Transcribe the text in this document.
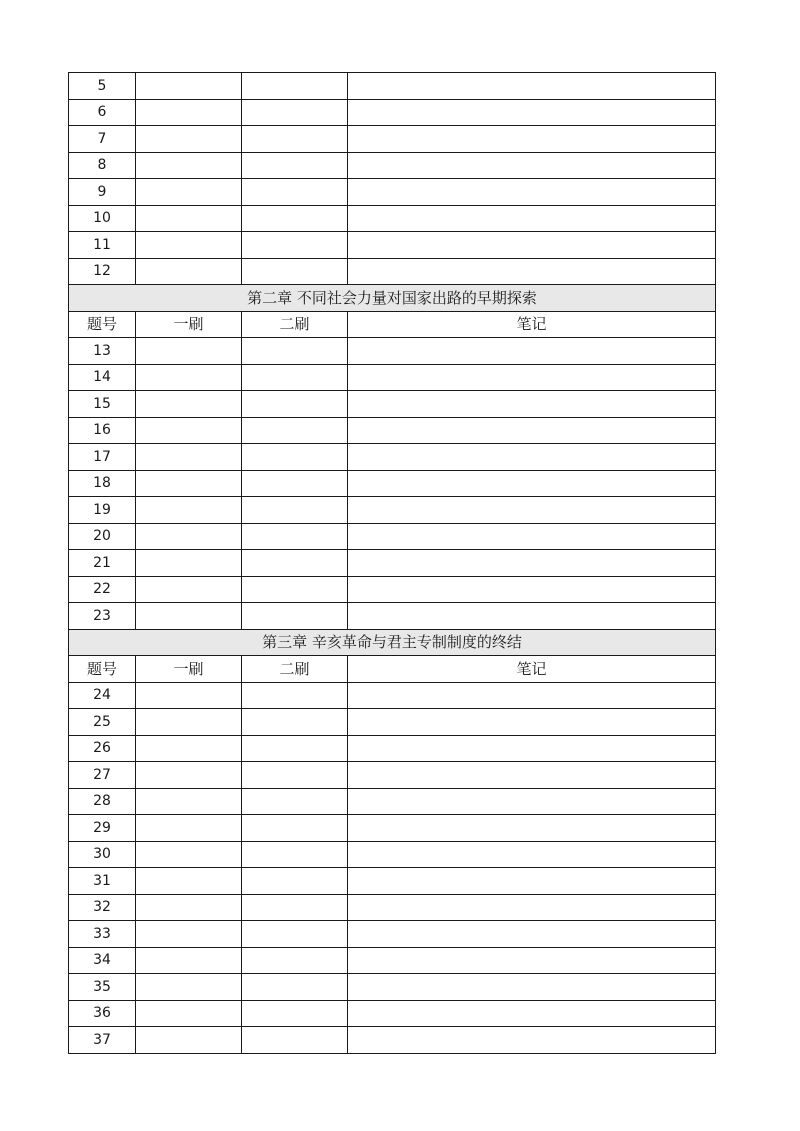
5			
6			
7			
8			
9			
10			
11			
12			
第二章 不同社会力量对国家出路的早期探索			
题号	一刷	二刷	笔记
13			
14			
15			
16			
17			
18			
19			
20			
21			
22			
23			
第三章 辛亥革命与君主专制制度的终结			
题号	一刷	二刷	笔记
24			
25			
26			
27			
28			
29			
30			
31			
32			
33			
34			
35			
36			
37			
